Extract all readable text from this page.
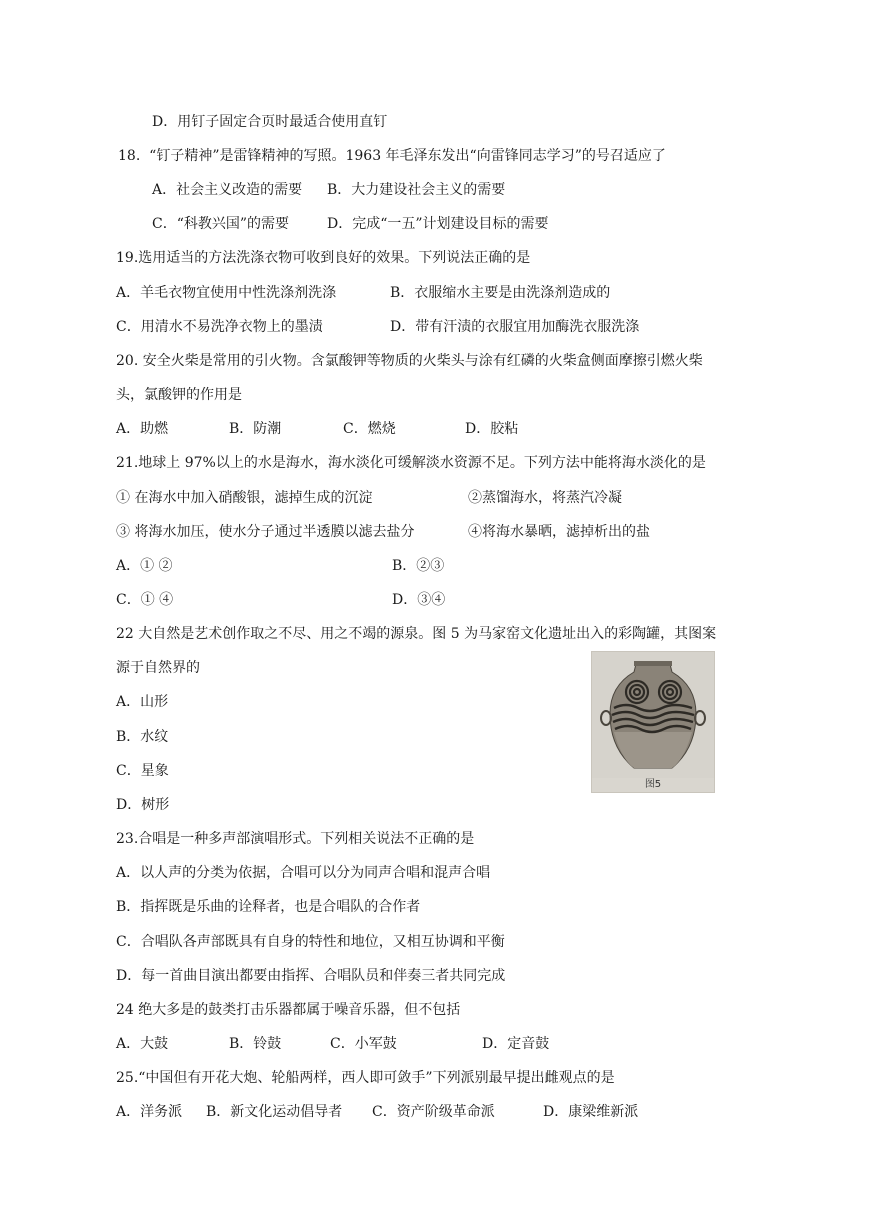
D．用钉子固定合页时最适合使用直钉
18.  “钉子精神”是雷锋精神的写照。1963 年毛泽东发出“向雷锋同志学习”的号召适应了
A．社会主义改造的需要 B．大力建设社会主义的需要
C．“科教兴国”的需要	D．完成“一五”计划建设目标的需要
19.选用适当的方法洗涤衣物可收到良好的效果。下列说法正确的是
A．羊毛衣物宜使用中性洗涤剂洗涤	B．衣服缩水主要是由洗涤剂造成的
C．用清水不易洗净衣物上的墨渍	D．带有汗渍的衣服宜用加酶洗衣服洗涤
20. 安全火柴是常用的引火物。含氯酸钾等物质的火柴头与涂有红磷的火柴盒侧面摩擦引燃火柴
头，氯酸钾的作用是
A．助燃	B．防潮	C．燃烧	D．胶粘
21.地球上 97%以上的水是海水，海水淡化可缓解淡水资源不足。下列方法中能将海水淡化的是
① 在海水中加入硝酸银，滤掉生成的沉淀	②蒸馏海水，将蒸汽冷凝
③ 将海水加压，使水分子通过半透膜以滤去盐分	④将海水暴晒，滤掉析出的盐
A．① ②	B．②③
C．① ④	D．③④
22 大自然是艺术创作取之不尽、用之不竭的源泉。图 5 为马家窑文化遗址出入的彩陶罐，其图案
源于自然界的
A．山形
B．水纹
C．星象
D．树形
图5
23.合唱是一种多声部演唱形式。下列相关说法不正确的是
A．以人声的分类为依据，合唱可以分为同声合唱和混声合唱
B．指挥既是乐曲的诠释者，也是合唱队的合作者
C．合唱队各声部既具有自身的特性和地位，又相互协调和平衡
D．每一首曲目演出都要由指挥、合唱队员和伴奏三者共同完成
24 绝大多是的鼓类打击乐器都属于噪音乐器，但不包括
A．大鼓	B．铃鼓	C．小军鼓	D．定音鼓
25.“中国但有开花大炮、轮船两样，西人即可敛手”下列派别最早提出雌观点的是
A．洋务派 B．新文化运动倡导者 C．资产阶级革命派	D．康梁维新派
